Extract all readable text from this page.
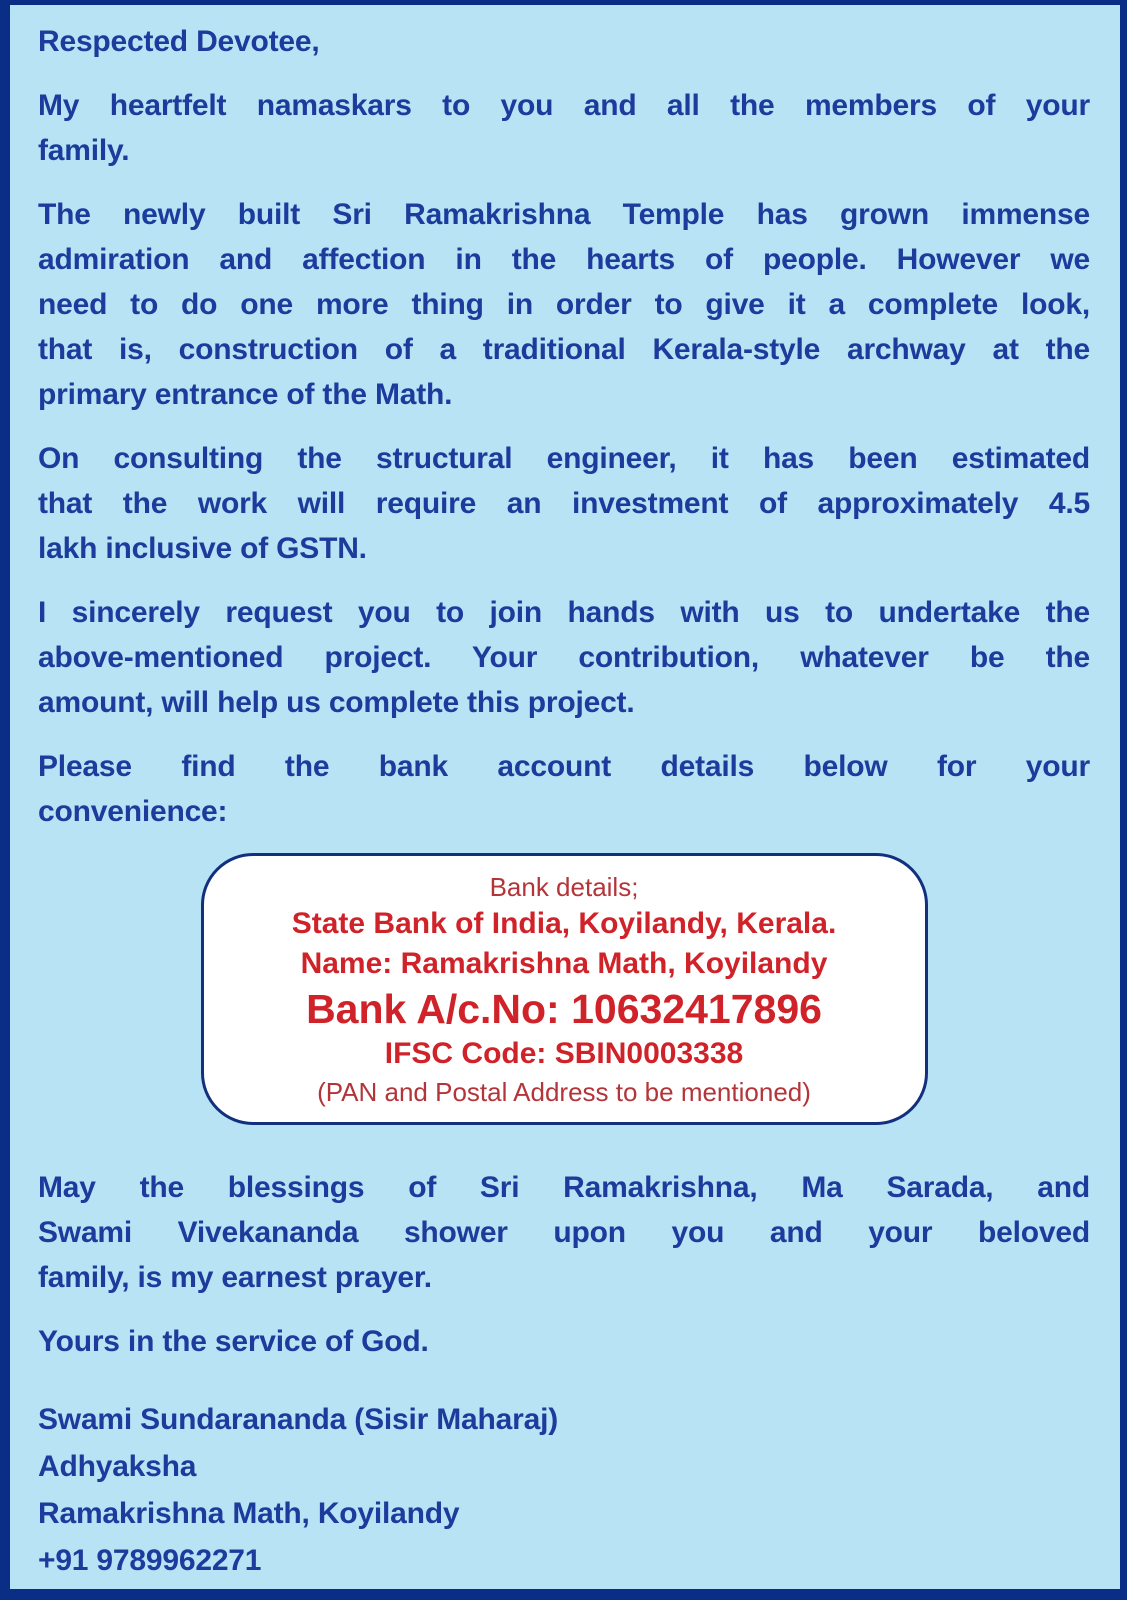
Respected Devotee,

My heartfelt namaskars to you and all the members of your
family.
The newly built Sri Ramakrishna Temple has grown immense
admiration and affection in the hearts of people. However we
need to do one more thing in order to give it a complete look,
that is, construction of a traditional Kerala-style archway at the
primary entrance of the Math.
On consulting the structural engineer, it has been estimated
that the work will require an investment of approximately 4.5
lakh inclusive of GSTN.
I sincerely request you to join hands with us to undertake the
above-mentioned project. Your contribution, whatever be the
amount, will help us complete this project.
Please find the bank account details below for your
convenience:
Bank details;
State Bank of India, Koyilandy, Kerala.
Name: Ramakrishna Math, Koyilandy
Bank A/c.No: 10632417896
IFSC Code: SBIN0003338
(PAN and Postal Address to be mentioned)
May the blessings of Sri Ramakrishna, Ma Sarada, and
Swami Vivekananda shower upon you and your beloved
family, is my earnest prayer.

Yours in the service of God.

Swami Sundarananda (Sisir Maharaj)
Adhyaksha
Ramakrishna Math, Koyilandy
+91 9789962271
